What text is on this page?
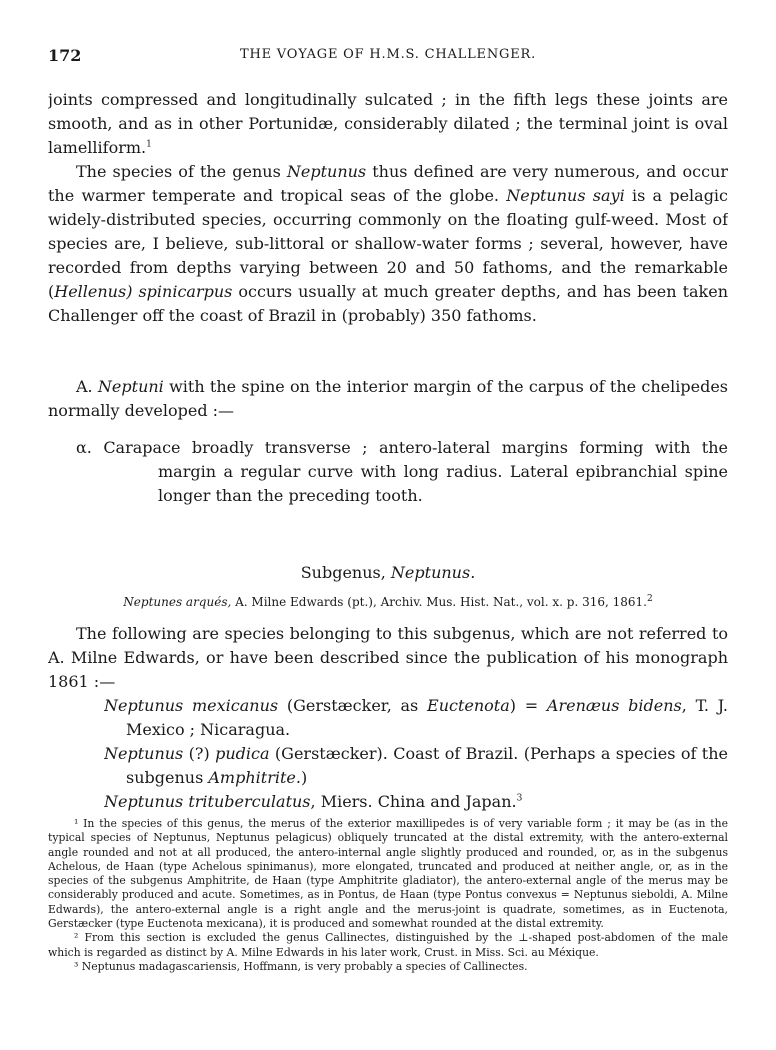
172	THE VOYAGE OF H.M.S. CHALLENGER.
joints compressed and longitudinally sulcated ; in the fifth legs these joints are
smooth, and as in other Portunidæ, considerably dilated ; the terminal joint is oval
lamelliform.$^1$
The species of the genus Neptunus thus defined are very numerous, and occur
the warmer temperate and tropical seas of the globe. Neptunus sayi is a pelagic
widely-distributed species, occurring commonly on the floating gulf-weed. Most of
species are, I believe, sub-littoral or shallow-water forms ; several, however, have
recorded from depths varying between 20 and 50 fathoms, and the remarkable
(Hellenus) spinicarpus occurs usually at much greater depths, and has been taken
Challenger off the coast of Brazil in (probably) 350 fathoms.
A. Neptuni with the spine on the interior margin of the carpus of the chelipedes
normally developed :—
α. Carapace broadly transverse ; antero-lateral margins forming with the
margin a regular curve with long radius. Lateral epibranchial spine
longer than the preceding tooth.
Subgenus, Neptunus.
Neptunes arqués, A. Milne Edwards (pt.), Archiv. Mus. Hist. Nat., vol. x. p. 316, 1861.$^2$
The following are species belonging to this subgenus, which are not referred to
A. Milne Edwards, or have been described since the publication of his monograph
1861 :—
Neptunus mexicanus (Gerstæcker, as Euctenota) = Arenæus bidens, T. J.
Mexico ; Nicaragua.
Neptunus (?) pudica (Gerstæcker). Coast of Brazil. (Perhaps a species of the
subgenus Amphitrite.)
Neptunus trituberculatus, Miers. China and Japan.$^3$
¹ In the species of this genus, the merus of the exterior maxillipedes is of very variable form ; it may be (as in the
typical species of Neptunus, Neptunus pelagicus) obliquely truncated at the distal extremity, with the antero-external
angle rounded and not at all produced, the antero-internal angle slightly produced and rounded, or, as in the subgenus
Achelous, de Haan (type Achelous spinimanus), more elongated, truncated and produced at neither angle, or, as in the
species of the subgenus Amphitrite, de Haan (type Amphitrite gladiator), the antero-external angle of the merus may be
considerably produced and acute. Sometimes, as in Pontus, de Haan (type Pontus convexus = Neptunus sieboldi, A. Milne
Edwards), the antero-external angle is a right angle and the merus-joint is quadrate, sometimes, as in Euctenota,
Gerstæcker (type Euctenota mexicana), it is produced and somewhat rounded at the distal extremity.
² From this section is excluded the genus Callinectes, distinguished by the ⊥-shaped post-abdomen of the male
which is regarded as distinct by A. Milne Edwards in his later work, Crust. in Miss. Sci. au Méxique.
³ Neptunus madagascariensis, Hoffmann, is very probably a species of Callinectes.
